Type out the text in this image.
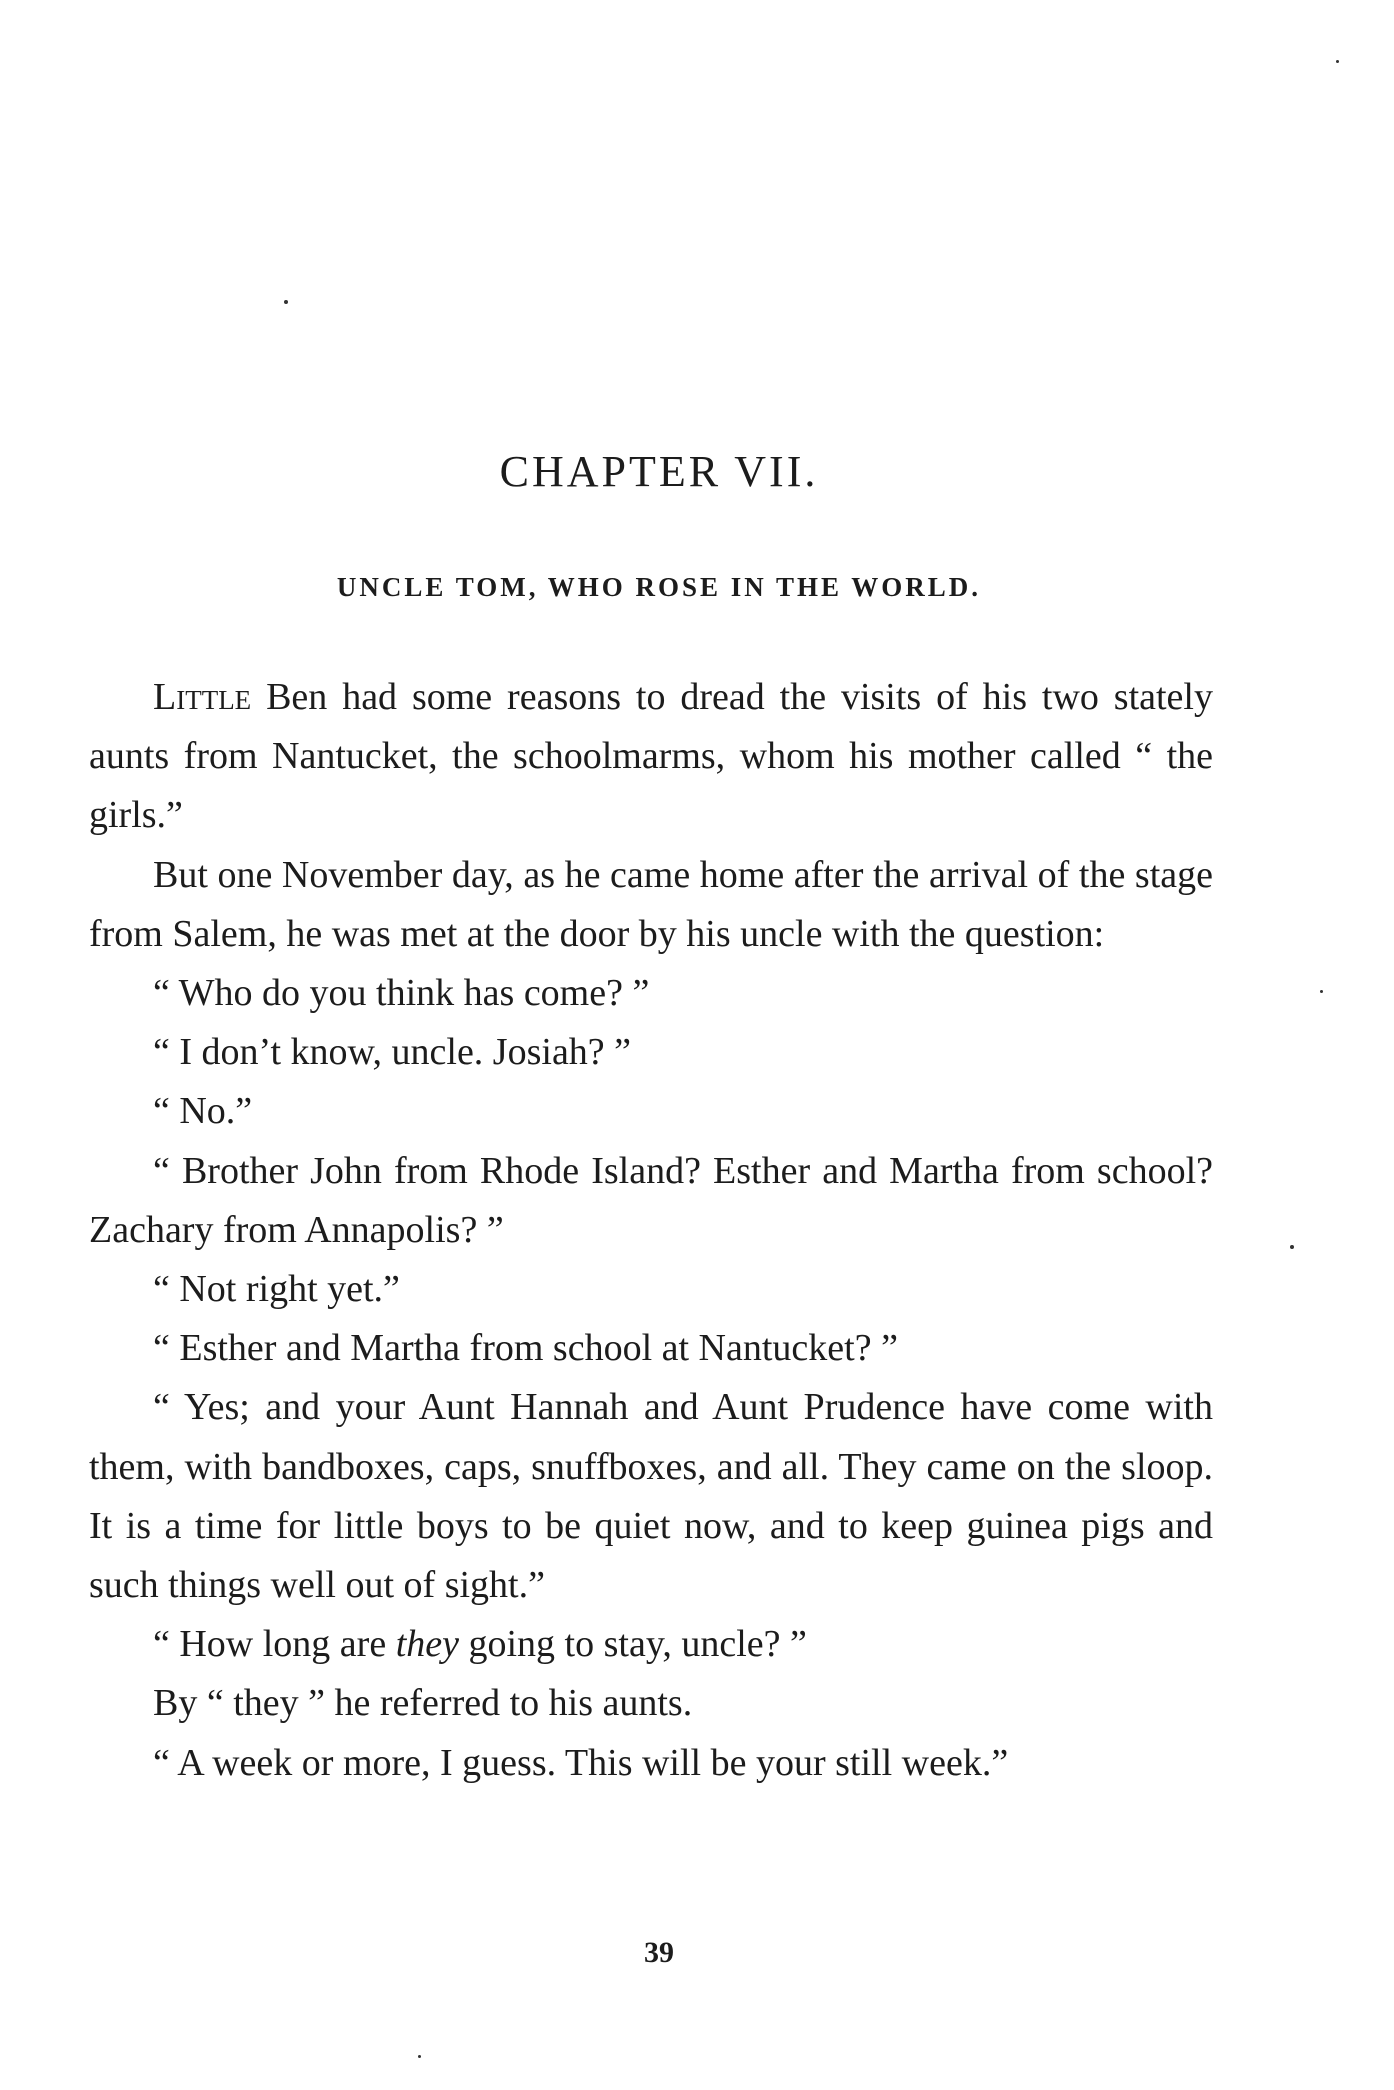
CHAPTER VII.
UNCLE TOM, WHO ROSE IN THE WORLD.

Little Ben had some reasons to dread the visits of his two stately aunts from Nantucket, the schoolmarms, whom his mother called “ the girls.”

But one November day, as he came home after the arrival of the stage from Salem, he was met at the door by his uncle with the question:

“ Who do you think has come? ”

“ I don’t know, uncle. Josiah? ”

“ No.”

“ Brother John from Rhode Island? Esther and Martha from school? Zachary from Annapolis? ”

“ Not right yet.”

“ Esther and Martha from school at Nantucket? ”

“ Yes; and your Aunt Hannah and Aunt Prudence have come with them, with bandboxes, caps, snuffboxes, and all. They came on the sloop. It is a time for little boys to be quiet now, and to keep guinea pigs and such things well out of sight.”

“ How long are they going to stay, uncle? ”

By “ they ” he referred to his aunts.

“ A week or more, I guess. This will be your still week.”

39
